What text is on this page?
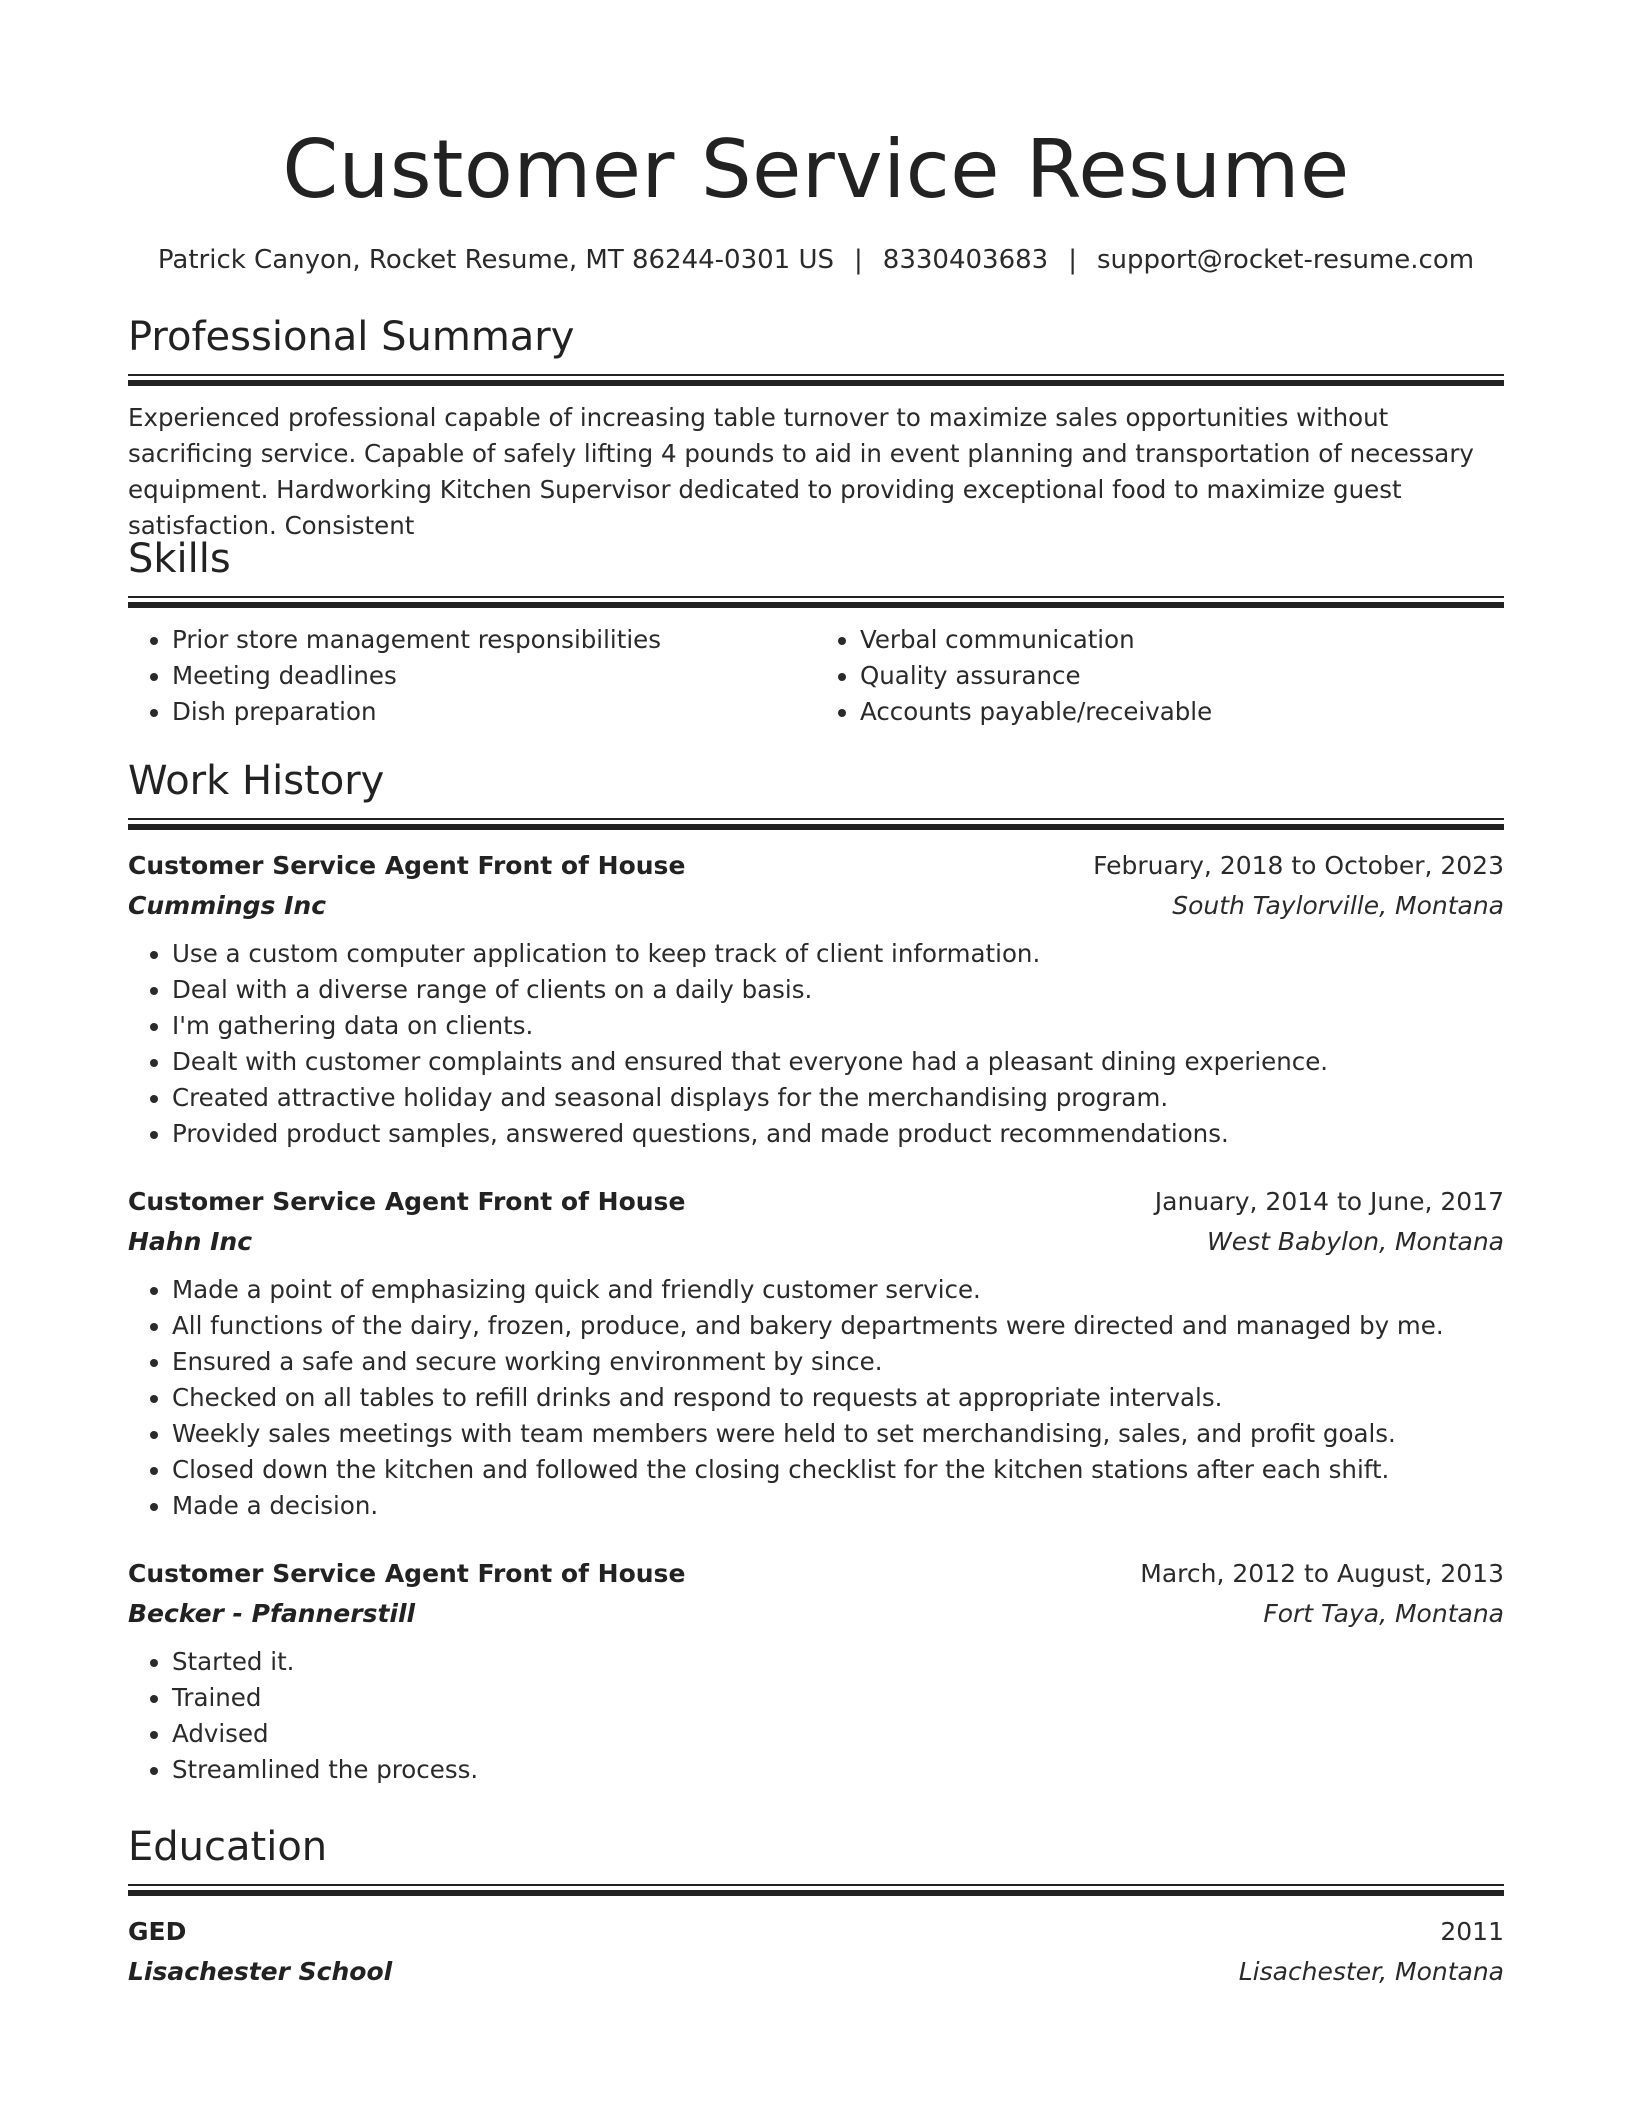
Customer Service Resume
Patrick Canyon, Rocket Resume, MT 86244-0301 US | 8330403683 | support@rocket-resume.com
Professional Summary
Experienced professional capable of increasing table turnover to maximize sales opportunities without sacrificing service. Capable of safely lifting 4 pounds to aid in event planning and transportation of necessary equipment. Hardworking Kitchen Supervisor dedicated to providing exceptional food to maximize guest satisfaction. Consistent
Skills
• Prior store management responsibilities
• Meeting deadlines
• Dish preparation
• Verbal communication
• Quality assurance
• Accounts payable/receivable
Work History
Customer Service Agent Front of House	February, 2018 to October, 2023
Cummings Inc	South Taylorville, Montana
• Use a custom computer application to keep track of client information.
• Deal with a diverse range of clients on a daily basis.
• I'm gathering data on clients.
• Dealt with customer complaints and ensured that everyone had a pleasant dining experience.
• Created attractive holiday and seasonal displays for the merchandising program.
• Provided product samples, answered questions, and made product recommendations.
Customer Service Agent Front of House	January, 2014 to June, 2017
Hahn Inc	West Babylon, Montana
• Made a point of emphasizing quick and friendly customer service.
• All functions of the dairy, frozen, produce, and bakery departments were directed and managed by me.
• Ensured a safe and secure working environment by since.
• Checked on all tables to refill drinks and respond to requests at appropriate intervals.
• Weekly sales meetings with team members were held to set merchandising, sales, and profit goals.
• Closed down the kitchen and followed the closing checklist for the kitchen stations after each shift.
• Made a decision.
Customer Service Agent Front of House	March, 2012 to August, 2013
Becker - Pfannerstill	Fort Taya, Montana
• Started it.
• Trained
• Advised
• Streamlined the process.
Education
GED	2011
Lisachester School	Lisachester, Montana
